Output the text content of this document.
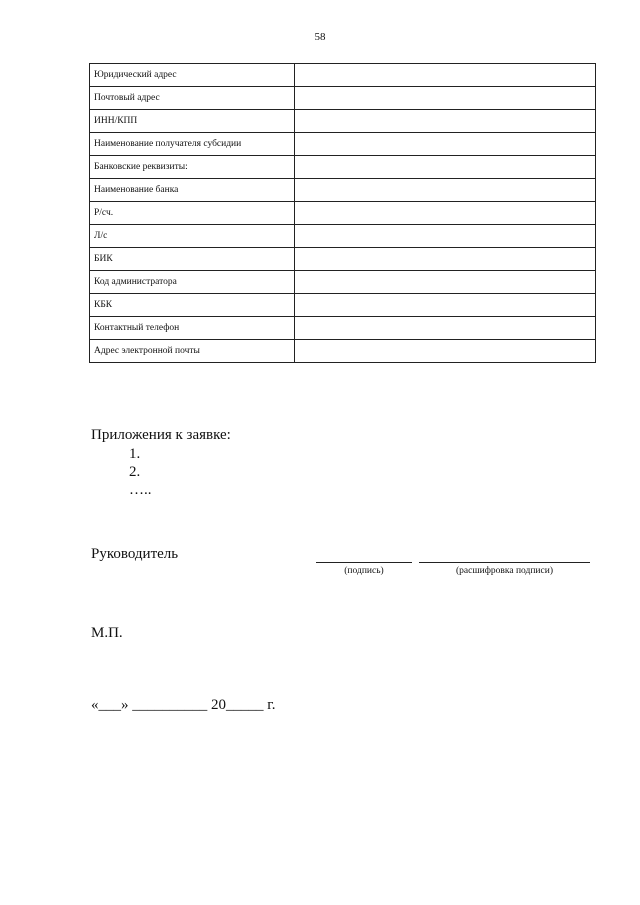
58
Юридический адрес	
Почтовый адрес	
ИНН/КПП	
Наименование получателя субсидии	
Банковские реквизиты:	
Наименование банка	
Р/сч.	
Л/с	
БИК	
Код администратора	
КБК	
Контактный телефон	
Адрес электронной почты	

Приложения к заявке:

1.
2.
…..
Руководитель
(подпись)	(расшифровка подписи)
М.П.
«___» __________ 20_____ г.
